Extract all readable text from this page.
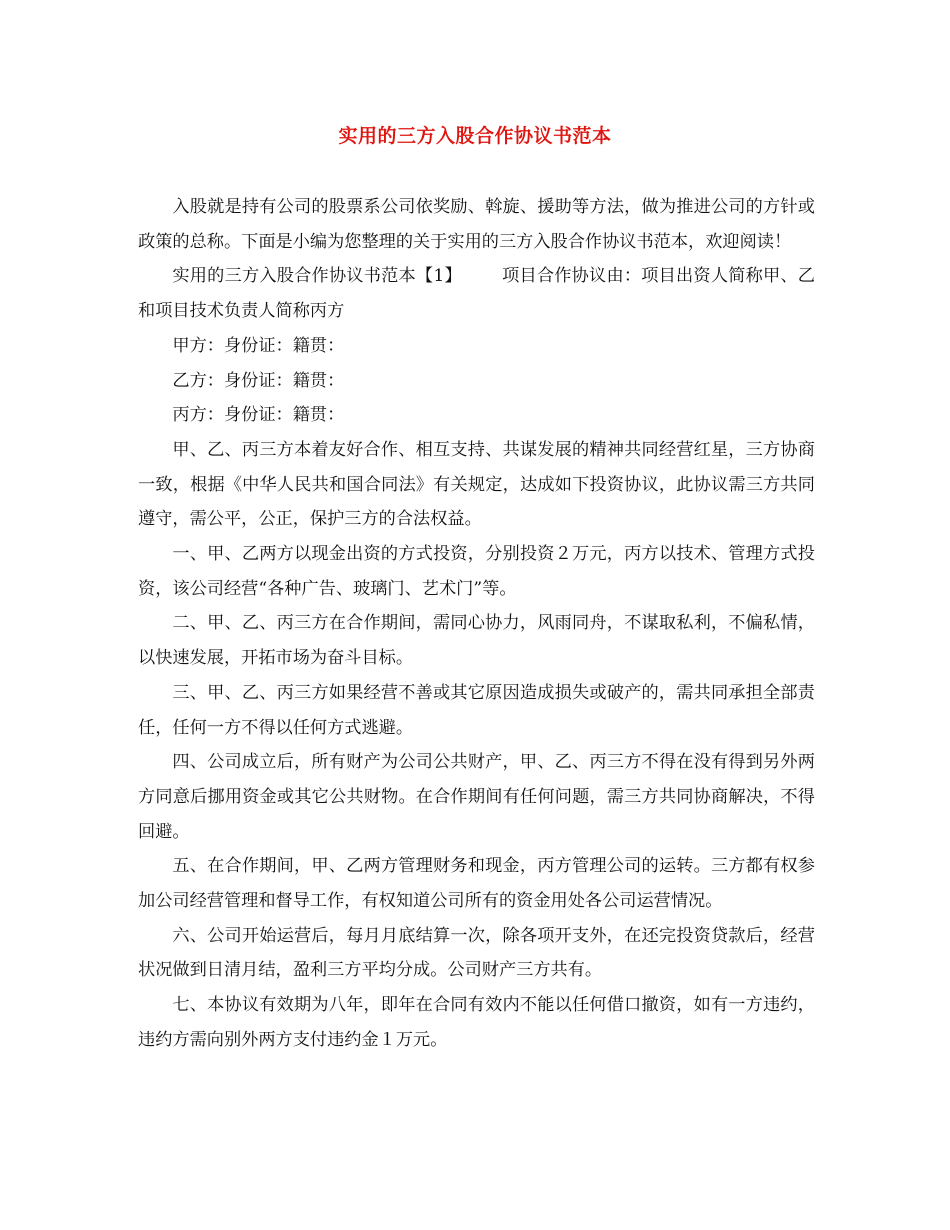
实用的三方入股合作协议书范本

入股就是持有公司的股票系公司依奖励、斡旋、援助等方法，做为推进公司的方针或政策的总称。下面是小编为您整理的关于实用的三方入股合作协议书范本，欢迎阅读！

实用的三方入股合作协议书范本【1】 项目合作协议由：项目出资人简称甲、乙和项目技术负责人简称丙方

甲方：身份证：籍贯：

乙方：身份证：籍贯：

丙方：身份证：籍贯：

甲、乙、丙三方本着友好合作、相互支持、共谋发展的精神共同经营红星，三方协商一致，根据《中华人民共和国合同法》有关规定，达成如下投资协议，此协议需三方共同遵守，需公平，公正，保护三方的合法权益。

一、甲、乙两方以现金出资的方式投资，分别投资２万元，丙方以技术、管理方式投资，该公司经营“各种广告、玻璃门、艺术门”等。

二、甲、乙、丙三方在合作期间，需同心协力，风雨同舟，不谋取私利，不偏私情，以快速发展，开拓市场为奋斗目标。

三、甲、乙、丙三方如果经营不善或其它原因造成损失或破产的，需共同承担全部责任，任何一方不得以任何方式逃避。

四、公司成立后，所有财产为公司公共财产，甲、乙、丙三方不得在没有得到另外两方同意后挪用资金或其它公共财物。在合作期间有任何问题，需三方共同协商解决，不得回避。

五、在合作期间，甲、乙两方管理财务和现金，丙方管理公司的运转。三方都有权参加公司经营管理和督导工作，有权知道公司所有的资金用处各公司运营情况。

六、公司开始运营后，每月月底结算一次，除各项开支外，在还完投资贷款后，经营状况做到日清月结，盈利三方平均分成。公司财产三方共有。

七、本协议有效期为八年，即年在合同有效内不能以任何借口撤资，如有一方违约，违约方需向别外两方支付违约金１万元。
